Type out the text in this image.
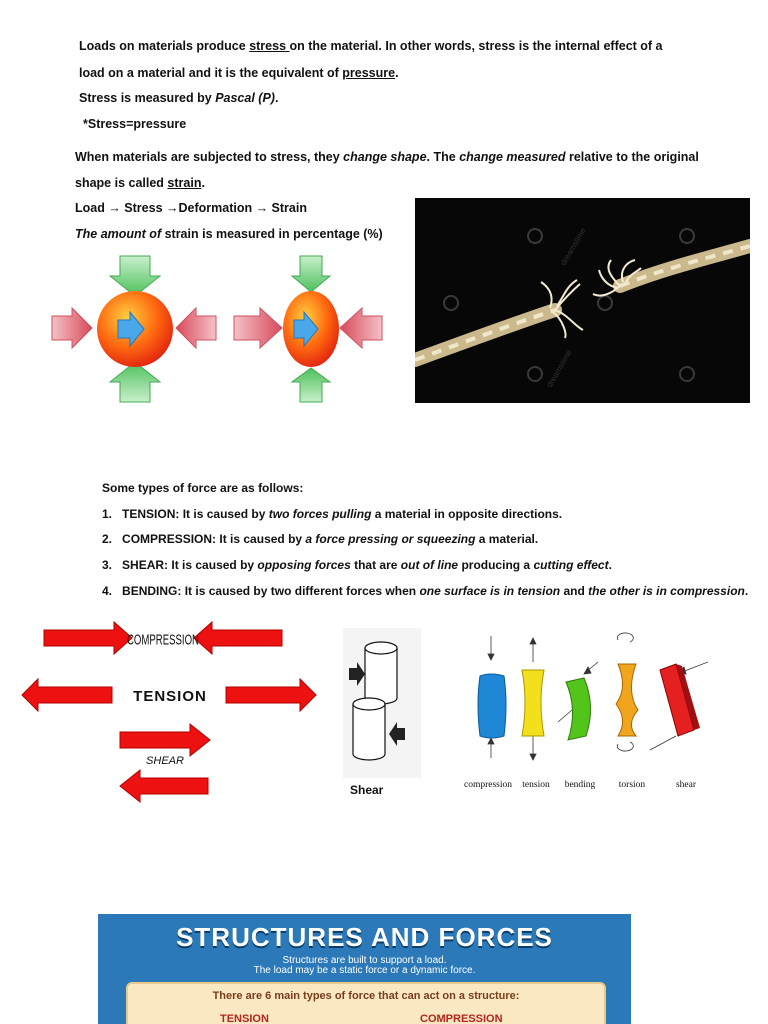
Loads on materials produce stress on the material. In other words, stress is the internal effect of a
load on a material and it is the equivalent of pressure.
Stress is measured by Pascal (P).
*Stress=pressure
When materials are subjected to stress, they change shape. The change measured relative to the original
shape is called strain.
Load → Stress →Deformation → Strain
The amount of strain is measured in percentage (%)	dreamstime
dreamstime
Some types of force are as follows:
1. TENSION: It is caused by two forces pulling a material in opposite directions.
2. COMPRESSION: It is caused by a force pressing or squeezing a material.
3. SHEAR: It is caused by opposing forces that are out of line producing a cutting effect.
4. BENDING: It is caused by two different forces when one surface is in tension and the other is in compression.
COMPRESSION
TENSION
SHEAR
Shear	compression	tension	bending	torsion	shear
STRUCTURES AND FORCES
Structures are built to support a load.
The load may be a static force or a dynamic force.
There are 6 main types of force that can act on a structure:
TENSION	COMPRESSION
